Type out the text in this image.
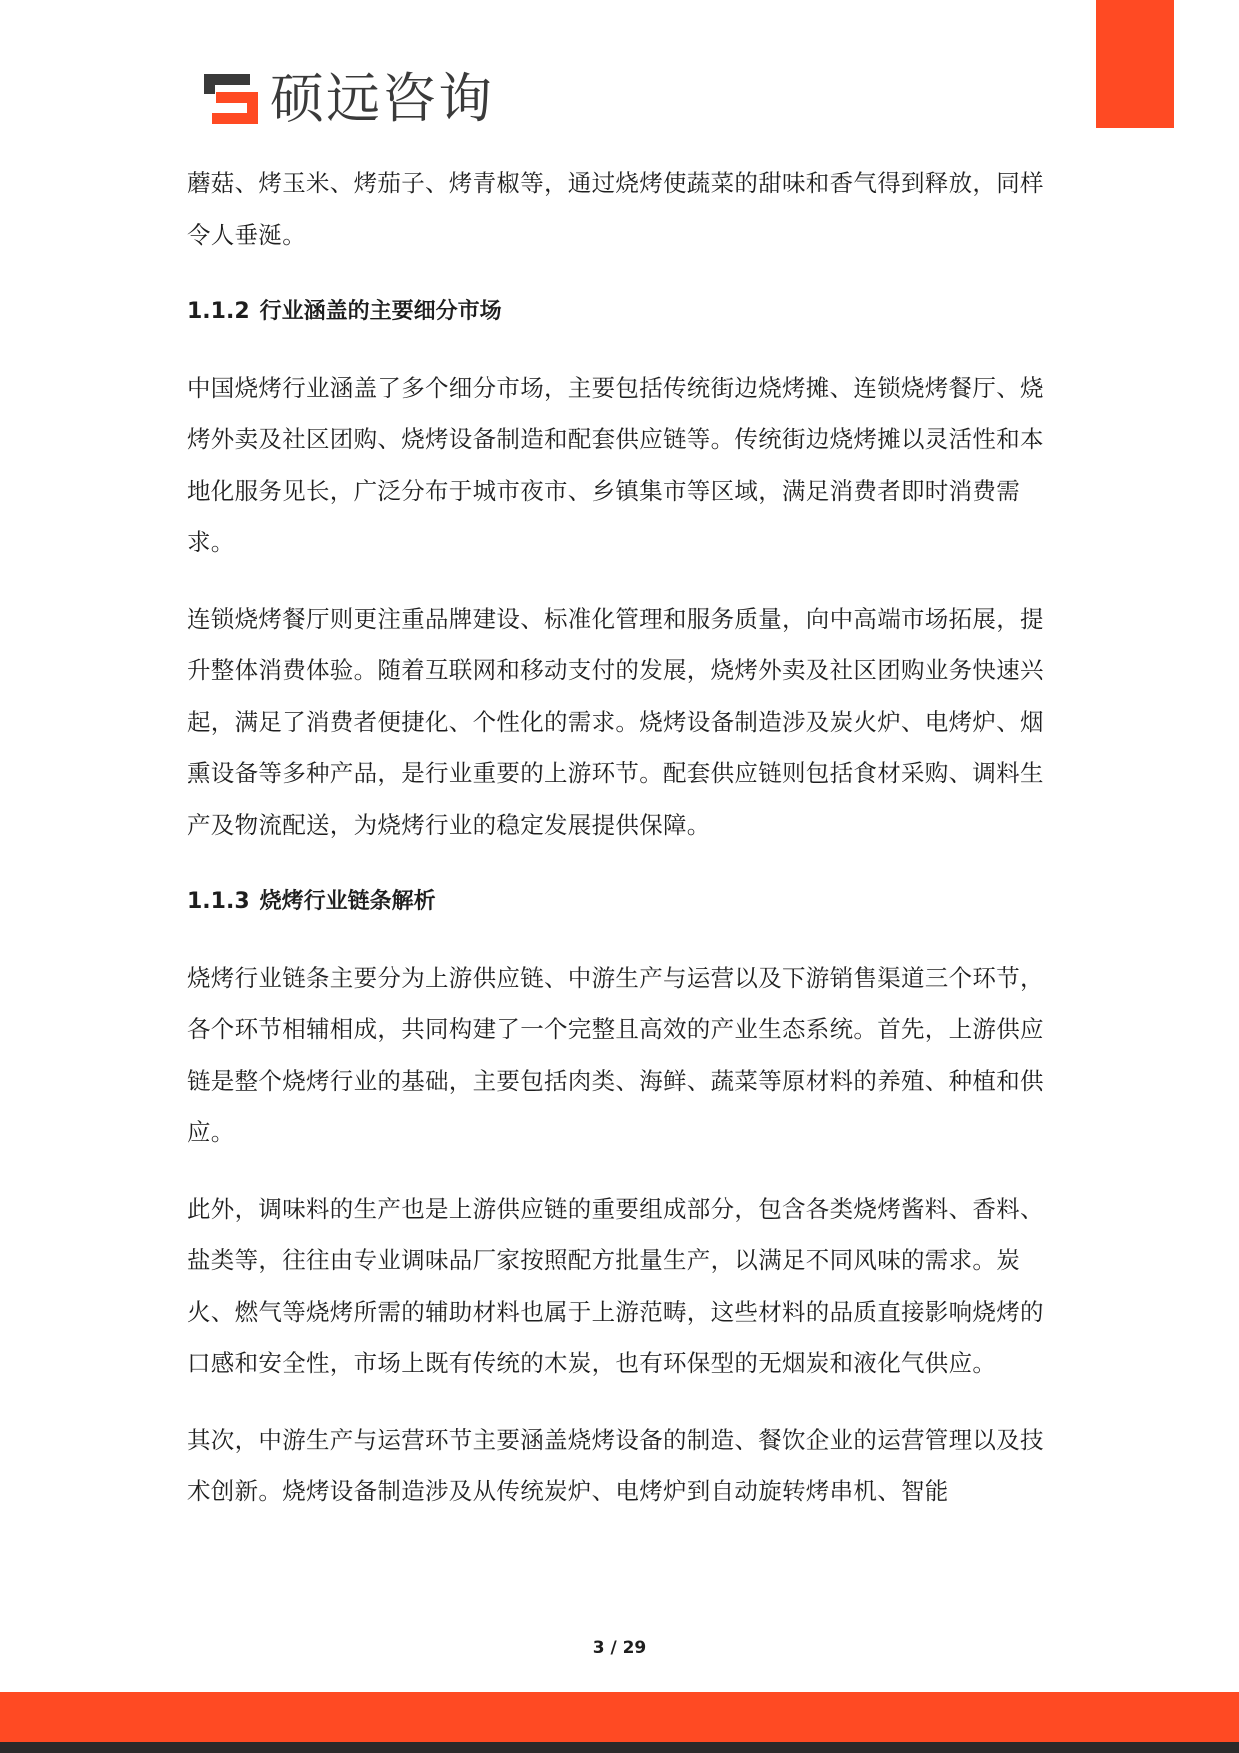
硕远咨询

蘑菇、烤玉米、烤茄子、烤青椒等，通过烧烤使蔬菜的甜味和香气得到释放，同样令人垂涎。

1.1.2 行业涵盖的主要细分市场

中国烧烤行业涵盖了多个细分市场，主要包括传统街边烧烤摊、连锁烧烤餐厅、烧烤外卖及社区团购、烧烤设备制造和配套供应链等。传统街边烧烤摊以灵活性和本地化服务见长，广泛分布于城市夜市、乡镇集市等区域，满足消费者即时消费需求。

连锁烧烤餐厅则更注重品牌建设、标准化管理和服务质量，向中高端市场拓展，提升整体消费体验。随着互联网和移动支付的发展，烧烤外卖及社区团购业务快速兴起，满足了消费者便捷化、个性化的需求。烧烤设备制造涉及炭火炉、电烤炉、烟熏设备等多种产品，是行业重要的上游环节。配套供应链则包括食材采购、调料生产及物流配送，为烧烤行业的稳定发展提供保障。

1.1.3 烧烤行业链条解析

烧烤行业链条主要分为上游供应链、中游生产与运营以及下游销售渠道三个环节，各个环节相辅相成，共同构建了一个完整且高效的产业生态系统。首先，上游供应链是整个烧烤行业的基础，主要包括肉类、海鲜、蔬菜等原材料的养殖、种植和供应。

此外，调味料的生产也是上游供应链的重要组成部分，包含各类烧烤酱料、香料、盐类等，往往由专业调味品厂家按照配方批量生产，以满足不同风味的需求。炭火、燃气等烧烤所需的辅助材料也属于上游范畴，这些材料的品质直接影响烧烤的口感和安全性，市场上既有传统的木炭，也有环保型的无烟炭和液化气供应。

其次，中游生产与运营环节主要涵盖烧烤设备的制造、餐饮企业的运营管理以及技术创新。烧烤设备制造涉及从传统炭炉、电烤炉到自动旋转烤串机、智能

3 / 29
